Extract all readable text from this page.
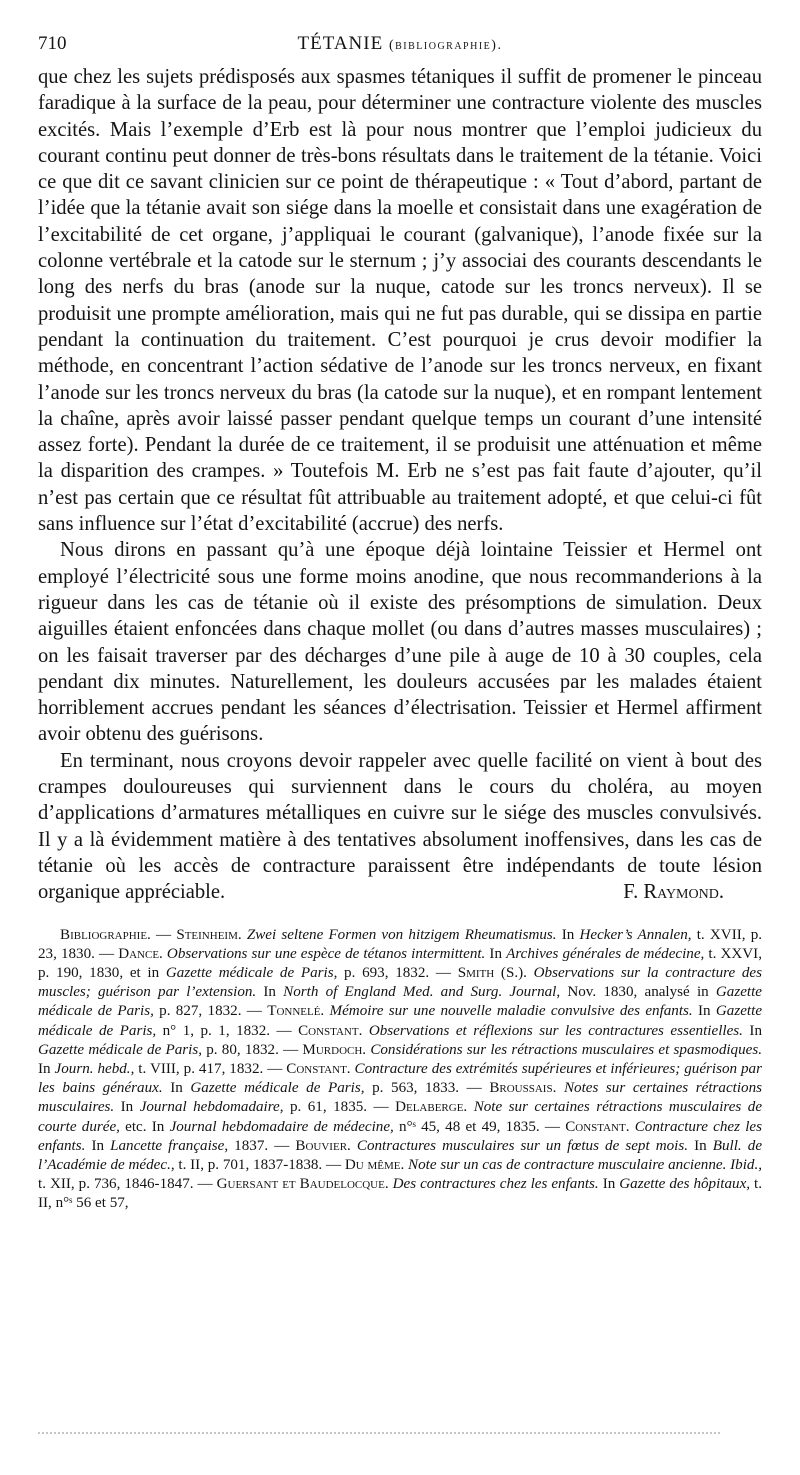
710	TÉTANIE (bibliographie).

que chez les sujets prédisposés aux spasmes tétaniques il suffit de promener le pinceau faradique à la surface de la peau, pour déterminer une contracture violente des muscles excités. Mais l’exemple d’Erb est là pour nous montrer que l’emploi judicieux du courant continu peut donner de très-bons résultats dans le traitement de la tétanie. Voici ce que dit ce savant clinicien sur ce point de thérapeutique : « Tout d’abord, partant de l’idée que la tétanie avait son siége dans la moelle et consistait dans une exagération de l’excitabilité de cet organe, j’appliquai le courant (galvanique), l’anode fixée sur la colonne vertébrale et la catode sur le sternum ; j’y associai des courants descendants le long des nerfs du bras (anode sur la nuque, catode sur les troncs nerveux). Il se produisit une prompte amélioration, mais qui ne fut pas durable, qui se dissipa en partie pendant la continuation du traitement. C’est pourquoi je crus devoir modifier la méthode, en concentrant l’action sédative de l’anode sur les troncs nerveux, en fixant l’anode sur les troncs nerveux du bras (la catode sur la nuque), et en rompant lentement la chaîne, après avoir laissé passer pendant quelque temps un courant d’une intensité assez forte). Pendant la durée de ce traitement, il se produisit une atténuation et même la disparition des crampes. » Toutefois M. Erb ne s’est pas fait faute d’ajouter, qu’il n’est pas certain que ce résultat fût attribuable au traitement adopté, et que celui-ci fût sans influence sur l’état d’excitabilité (accrue) des nerfs.

Nous dirons en passant qu’à une époque déjà lointaine Teissier et Hermel ont employé l’électricité sous une forme moins anodine, que nous recommanderions à la rigueur dans les cas de tétanie où il existe des présomptions de simulation. Deux aiguilles étaient enfoncées dans chaque mollet (ou dans d’autres masses musculaires) ; on les faisait traverser par des décharges d’une pile à auge de 10 à 30 couples, cela pendant dix minutes. Naturellement, les douleurs accusées par les malades étaient horriblement accrues pendant les séances d’électrisation. Teissier et Hermel affirment avoir obtenu des guérisons.

En terminant, nous croyons devoir rappeler avec quelle facilité on vient à bout des crampes douloureuses qui surviennent dans le cours du choléra, au moyen d’applications d’armatures métalliques en cuivre sur le siége des muscles convulsivés. Il y a là évidemment matière à des tentatives absolument inoffensives, dans les cas de tétanie où les accès de contracture paraissent être indépendants de toute lésion organique appréciable.	F. Raymond.
Bibliographie. — Steinheim. Zwei seltene Formen von hitzigem Rheumatismus. In Hecker’s Annalen, t. XVII, p. 23, 1830. — Dance. Observations sur une espèce de tétanos intermittent. In Archives générales de médecine, t. XXVI, p. 190, 1830, et in Gazette médicale de Paris, p. 693, 1832. — Smith (S.). Observations sur la contracture des muscles; guérison par l’extension. In North of England Med. and Surg. Journal, Nov. 1830, analysé in Gazette médicale de Paris, p. 827, 1832. — Tonnelé. Mémoire sur une nouvelle maladie convulsive des enfants. In Gazette médicale de Paris, n° 1, p. 1, 1832. — Constant. Observations et réflexions sur les contractures essentielles. In Gazette médicale de Paris, p. 80, 1832. — Murdoch. Considérations sur les rétractions musculaires et spasmodiques. In Journ. hebd., t. VIII, p. 417, 1832. — Constant. Contracture des extrémités supérieures et inférieures; guérison par les bains généraux. In Gazette médicale de Paris, p. 563, 1833. — Broussais. Notes sur certaines rétractions musculaires. In Journal hebdomadaire, p. 61, 1835. — Delaberge. Note sur certaines rétractions musculaires de courte durée, etc. In Journal hebdomadaire de médecine, n°ˢ 45, 48 et 49, 1835. — Constant. Contracture chez les enfants. In Lancette française, 1837. — Bouvier. Contractures musculaires sur un fœtus de sept mois. In Bull. de l’Académie de médec., t. II, p. 701, 1837-1838. — Du même. Note sur un cas de contracture musculaire ancienne. Ibid., t. XII, p. 736, 1846-1847. — Guersant et Baudelocque. Des contractures chez les enfants. In Gazette des hôpitaux, t. II, n°ˢ 56 et 57,
